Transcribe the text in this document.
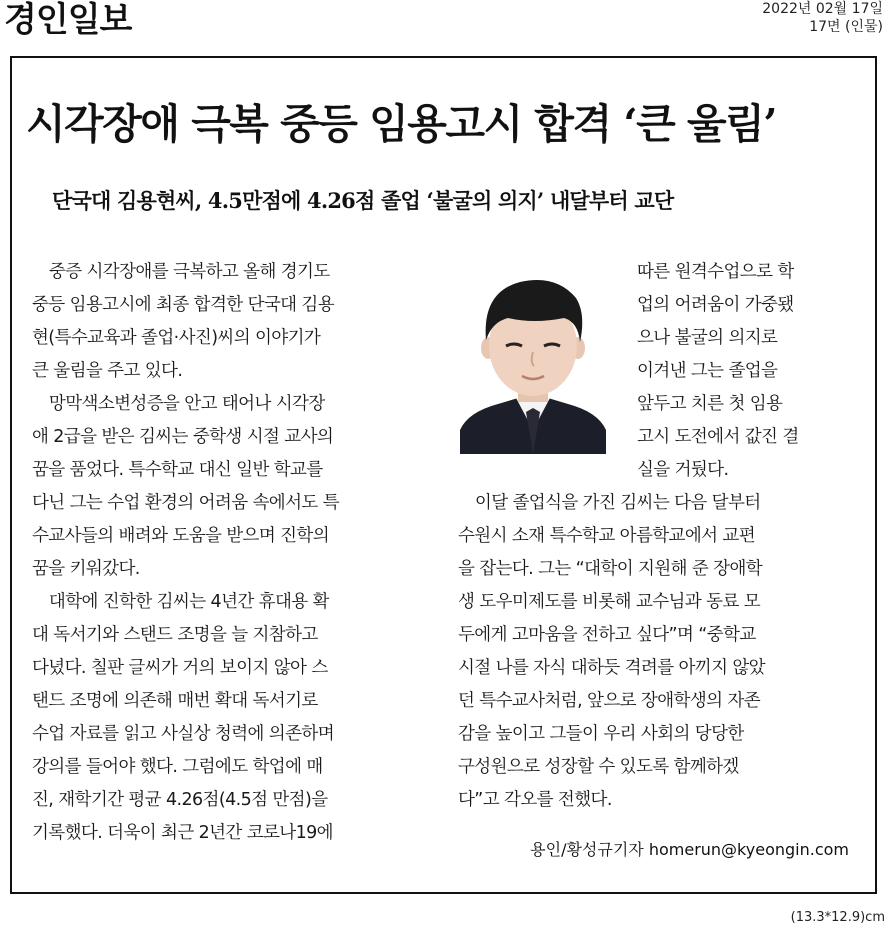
경인일보	2022년 02월 17일
17면 (인물)
시각장애 극복 중등 임용고시 합격 ‘큰 울림’
단국대 김용현씨, 4.5만점에 4.26점 졸업 ‘불굴의 의지’ 내달부터 교단
　중증 시각장애를 극복하고 올해 경기도
중등 임용고시에 최종 합격한 단국대 김용
현(특수교육과 졸업·사진)씨의 이야기가
큰 울림을 주고 있다.
　망막색소변성증을 안고 태어나 시각장
애 2급을 받은 김씨는 중학생 시절 교사의
꿈을 품었다. 특수학교 대신 일반 학교를
다닌 그는 수업 환경의 어려움 속에서도 특
수교사들의 배려와 도움을 받으며 진학의
꿈을 키워갔다.
　대학에 진학한 김씨는 4년간 휴대용 확
대 독서기와 스탠드 조명을 늘 지참하고
다녔다. 칠판 글씨가 거의 보이지 않아 스
탠드 조명에 의존해 매번 확대 독서기로
수업 자료를 읽고 사실상 청력에 의존하며
강의를 들어야 했다. 그럼에도 학업에 매
진, 재학기간 평균 4.26점(4.5점 만점)을
기록했다. 더욱이 최근 2년간 코로나19에
따른 원격수업으로 학
업의 어려움이 가중됐
으나 불굴의 의지로
이겨낸 그는 졸업을
앞두고 치른 첫 임용
고시 도전에서 값진 결
실을 거뒀다.
　이달 졸업식을 가진 김씨는 다음 달부터
수원시 소재 특수학교 아름학교에서 교편
을 잡는다. 그는 “대학이 지원해 준 장애학
생 도우미제도를 비롯해 교수님과 동료 모
두에게 고마움을 전하고 싶다”며 “중학교
시절 나를 자식 대하듯 격려를 아끼지 않았
던 특수교사처럼, 앞으로 장애학생의 자존
감을 높이고 그들이 우리 사회의 당당한
구성원으로 성장할 수 있도록 함께하겠
다”고 각오를 전했다.
용인/황성규기자 homerun@kyeongin.com
(13.3*12.9)cm
